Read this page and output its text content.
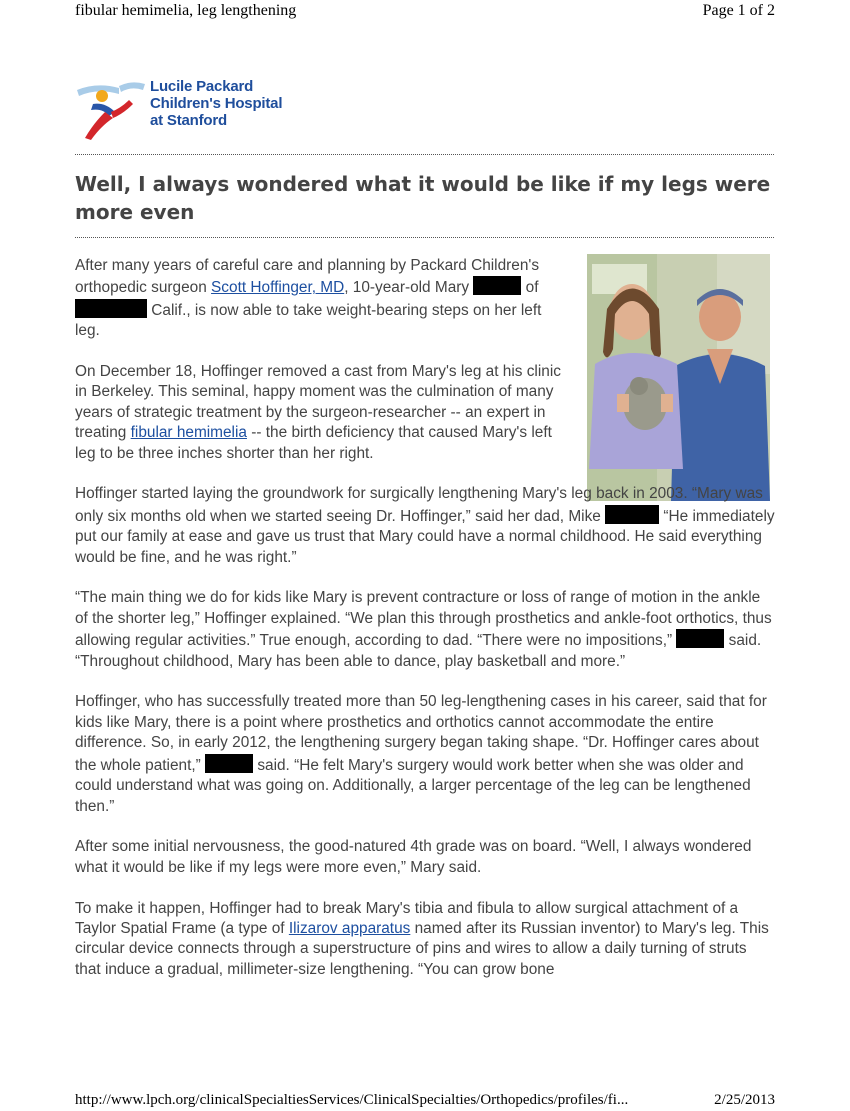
fibular hemimelia, leg lengthening	Page 1 of 2
Lucile Packard
Children's Hospital
at Stanford
Well, I always wondered what it would be like if my legs were more even

After many years of careful care and planning by Packard Children's orthopedic surgeon Scott Hoffinger, MD, 10-year-old Mary	of  Calif., is now able to take weight-bearing steps on her left leg.

On December 18, Hoffinger removed a cast from Mary's leg at his clinic in Berkeley. This seminal, happy moment was the culmination of many years of strategic treatment by the surgeon-researcher -- an expert in treating fibular hemimelia -- the birth deficiency that caused Mary's left leg to be three inches shorter than her right.

Hoffinger started laying the groundwork for surgically lengthening Mary's leg back in 2003. “Mary was only six months old when we started seeing Dr. Hoffinger,” said her dad, Mike	“He immediately put our family at ease and gave us trust that Mary could have a normal childhood. He said everything would be fine, and he was right.”

“The main thing we do for kids like Mary is prevent contracture or loss of range of motion in the ankle of the shorter leg,” Hoffinger explained. “We plan this through prosthetics and ankle-foot orthotics, thus allowing regular activities.” True enough, according to dad. “There were no impositions,”	said. “Throughout childhood, Mary has been able to dance, play basketball and more.”

Hoffinger, who has successfully treated more than 50 leg-lengthening cases in his career, said that for kids like Mary, there is a point where prosthetics and orthotics cannot accommodate the entire difference. So, in early 2012, the lengthening surgery began taking shape. “Dr. Hoffinger cares about the whole patient,”	said. “He felt Mary's surgery would work better when she was older and could understand what was going on. Additionally, a larger percentage of the leg can be lengthened then.”

After some initial nervousness, the good-natured 4th grade was on board. “Well, I always wondered what it would be like if my legs were more even,” Mary said.

To make it happen, Hoffinger had to break Mary's tibia and fibula to allow surgical attachment of a Taylor Spatial Frame (a type of Ilizarov apparatus named after its Russian inventor) to Mary's leg. This circular device connects through a superstructure of pins and wires to allow a daily turning of struts that induce a gradual, millimeter-size lengthening. “You can grow bone

http://www.lpch.org/clinicalSpecialtiesServices/ClinicalSpecialties/Orthopedics/profiles/fi...	2/25/2013
